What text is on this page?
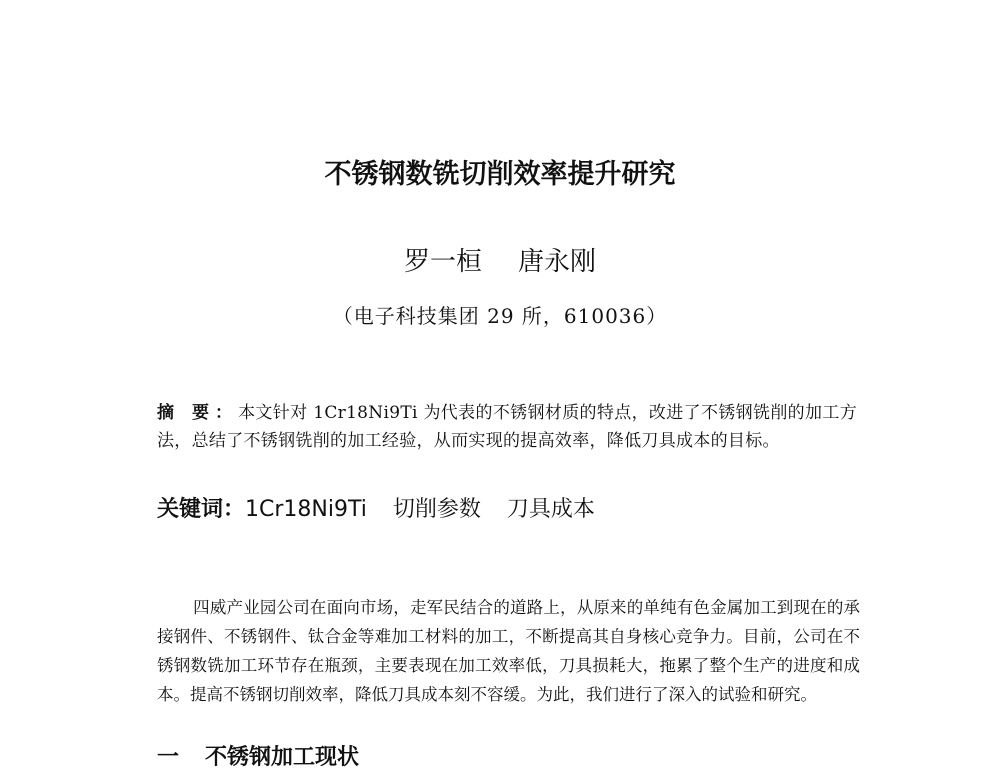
不锈钢数铣切削效率提升研究
罗一桓 唐永刚
（电子科技集团 29 所，610036）
摘 要：本文针对 1Cr18Ni9Ti 为代表的不锈钢材质的特点，改进了不锈钢铣削的加工方法，总结了不锈钢铣削的加工经验，从而实现的提高效率，降低刀具成本的目标。
关键词：1Cr18Ni9Ti 切削参数 刀具成本
四威产业园公司在面向市场，走军民结合的道路上，从原来的单纯有色金属加工到现在的承接钢件、不锈钢件、钛合金等难加工材料的加工，不断提高其自身核心竞争力。目前，公司在不锈钢数铣加工环节存在瓶颈，主要表现在加工效率低，刀具损耗大，拖累了整个生产的进度和成本。提高不锈钢切削效率，降低刀具成本刻不容缓。为此，我们进行了深入的试验和研究。
一 不锈钢加工现状
